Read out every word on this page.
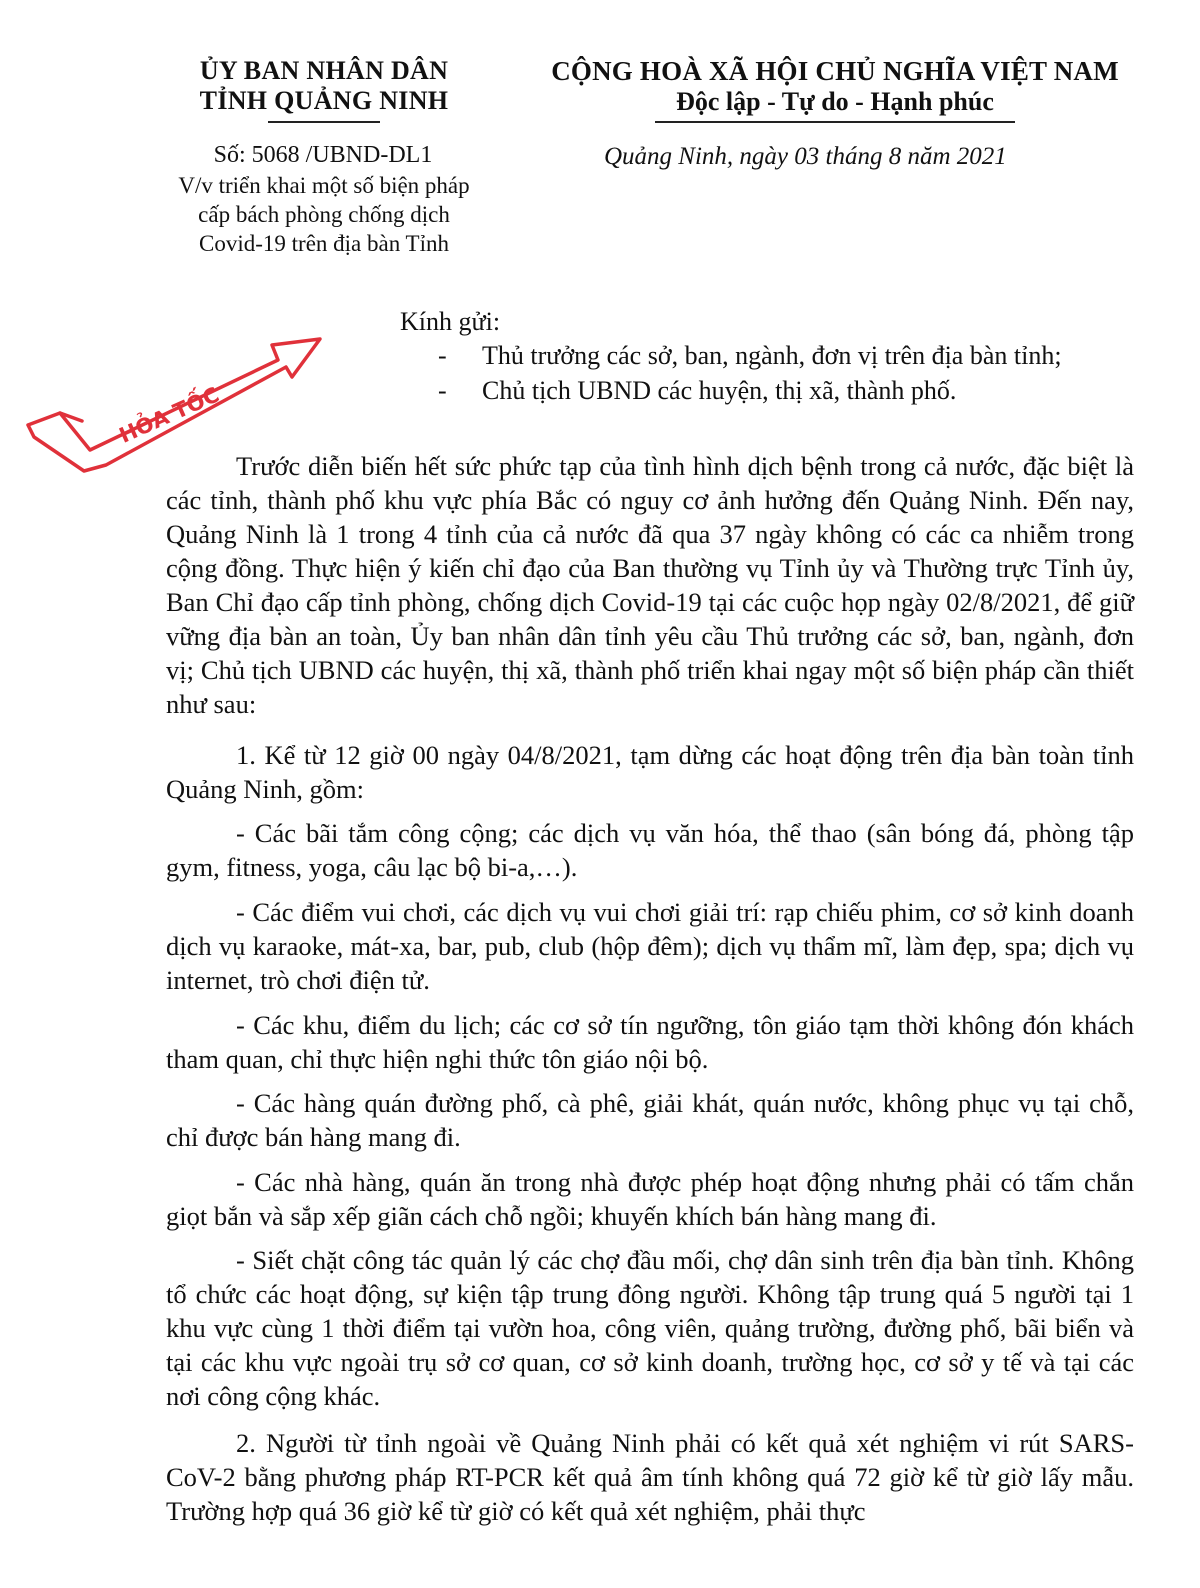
ỦY BAN NHÂN DÂN
TỈNH QUẢNG NINH
Số: 5068 /UBND-DL1
V/v triển khai một số biện pháp
cấp bách phòng chống dịch
Covid-19 trên địa bàn Tỉnh
CỘNG HOÀ XÃ HỘI CHỦ NGHĨA VIỆT NAM
Độc lập - Tự do - Hạnh phúc
Quảng Ninh, ngày 03 tháng 8 năm 2021
HỎA TỐC
Kính gửi:
- Thủ trưởng các sở, ban, ngành, đơn vị trên địa bàn tỉnh;
- Chủ tịch UBND các huyện, thị xã, thành phố.
Trước diễn biến hết sức phức tạp của tình hình dịch bệnh trong cả nước, đặc biệt là các tỉnh, thành phố khu vực phía Bắc có nguy cơ ảnh hưởng đến Quảng Ninh. Đến nay, Quảng Ninh là 1 trong 4 tỉnh của cả nước đã qua 37 ngày không có các ca nhiễm trong cộng đồng. Thực hiện ý kiến chỉ đạo của Ban thường vụ Tỉnh ủy và Thường trực Tỉnh ủy, Ban Chỉ đạo cấp tỉnh phòng, chống dịch Covid-19 tại các cuộc họp ngày 02/8/2021, để giữ vững địa bàn an toàn, Ủy ban nhân dân tỉnh yêu cầu Thủ trưởng các sở, ban, ngành, đơn vị; Chủ tịch UBND các huyện, thị xã, thành phố triển khai ngay một số biện pháp cần thiết như sau:
1. Kể từ 12 giờ 00 ngày 04/8/2021, tạm dừng các hoạt động trên địa bàn toàn tỉnh Quảng Ninh, gồm:
- Các bãi tắm công cộng; các dịch vụ văn hóa, thể thao (sân bóng đá, phòng tập gym, fitness, yoga, câu lạc bộ bi-a,…).
- Các điểm vui chơi, các dịch vụ vui chơi giải trí: rạp chiếu phim, cơ sở kinh doanh dịch vụ karaoke, mát-xa, bar, pub, club (hộp đêm); dịch vụ thẩm mĩ, làm đẹp, spa; dịch vụ internet, trò chơi điện tử.
- Các khu, điểm du lịch; các cơ sở tín ngưỡng, tôn giáo tạm thời không đón khách tham quan, chỉ thực hiện nghi thức tôn giáo nội bộ.
- Các hàng quán đường phố, cà phê, giải khát, quán nước, không phục vụ tại chỗ, chỉ được bán hàng mang đi.
- Các nhà hàng, quán ăn trong nhà được phép hoạt động nhưng phải có tấm chắn giọt bắn và sắp xếp giãn cách chỗ ngồi; khuyến khích bán hàng mang đi.
- Siết chặt công tác quản lý các chợ đầu mối, chợ dân sinh trên địa bàn tỉnh. Không tổ chức các hoạt động, sự kiện tập trung đông người. Không tập trung quá 5 người tại 1 khu vực cùng 1 thời điểm tại vườn hoa, công viên, quảng trường, đường phố, bãi biển và tại các khu vực ngoài trụ sở cơ quan, cơ sở kinh doanh, trường học, cơ sở y tế và tại các nơi công cộng khác.
2. Người từ tỉnh ngoài về Quảng Ninh phải có kết quả xét nghiệm vi rút SARS-CoV-2 bằng phương pháp RT-PCR kết quả âm tính không quá 72 giờ kể từ giờ lấy mẫu. Trường hợp quá 36 giờ kể từ giờ có kết quả xét nghiệm, phải thực
